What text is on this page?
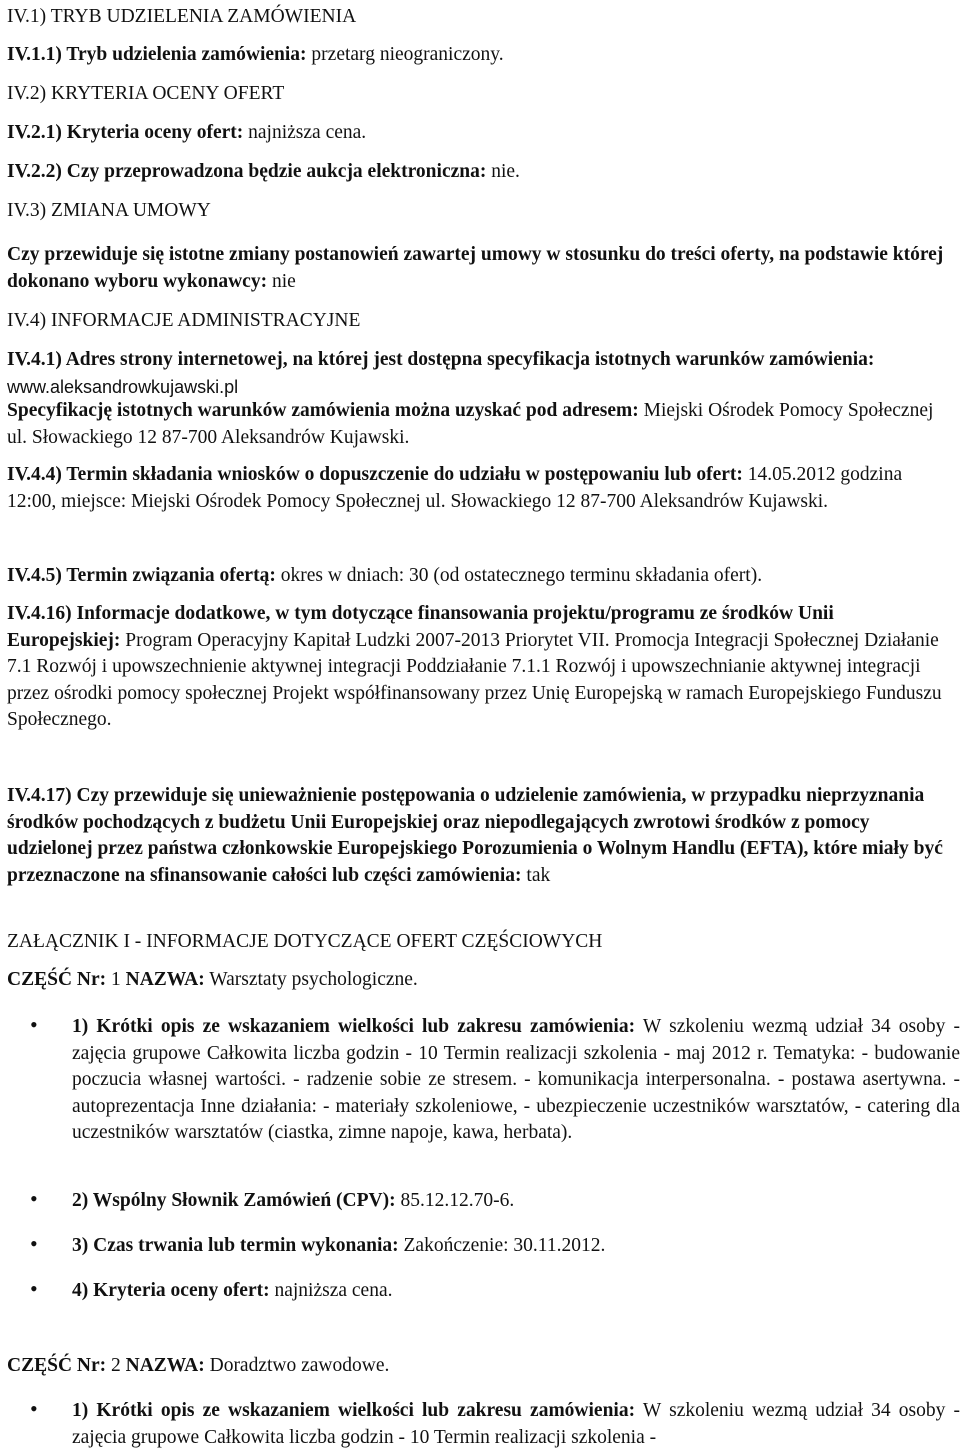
IV.1) TRYB UDZIELENIA ZAMÓWIENIA
IV.1.1) Tryb udzielenia zamówienia: przetarg nieograniczony.
IV.2) KRYTERIA OCENY OFERT
IV.2.1) Kryteria oceny ofert: najniższa cena.
IV.2.2) Czy przeprowadzona będzie aukcja elektroniczna: nie.
IV.3) ZMIANA UMOWY
Czy przewiduje się istotne zmiany postanowień zawartej umowy w stosunku do treści oferty, na podstawie której dokonano wyboru wykonawcy: nie
IV.4) INFORMACJE ADMINISTRACYJNE
IV.4.1) Adres strony internetowej, na której jest dostępna specyfikacja istotnych warunków zamówienia: www.aleksandrowkujawski.pl
Specyfikację istotnych warunków zamówienia można uzyskać pod adresem: Miejski Ośrodek Pomocy Społecznej ul. Słowackiego 12 87-700 Aleksandrów Kujawski.
IV.4.4) Termin składania wniosków o dopuszczenie do udziału w postępowaniu lub ofert: 14.05.2012 godzina 12:00, miejsce: Miejski Ośrodek Pomocy Społecznej ul. Słowackiego 12 87-700 Aleksandrów Kujawski.
IV.4.5) Termin związania ofertą: okres w dniach: 30 (od ostatecznego terminu składania ofert).
IV.4.16) Informacje dodatkowe, w tym dotyczące finansowania projektu/programu ze środków Unii Europejskiej: Program Operacyjny Kapitał Ludzki 2007-2013 Priorytet VII. Promocja Integracji Społecznej Działanie 7.1 Rozwój i upowszechnienie aktywnej integracji Poddziałanie 7.1.1 Rozwój i upowszechnianie aktywnej integracji przez ośrodki pomocy społecznej Projekt współfinansowany przez Unię Europejską w ramach Europejskiego Funduszu Społecznego.
IV.4.17) Czy przewiduje się unieważnienie postępowania o udzielenie zamówienia, w przypadku nieprzyznania środków pochodzących z budżetu Unii Europejskiej oraz niepodlegających zwrotowi środków z pomocy udzielonej przez państwa członkowskie Europejskiego Porozumienia o Wolnym Handlu (EFTA), które miały być przeznaczone na sfinansowanie całości lub części zamówienia: tak
ZAŁĄCZNIK I - INFORMACJE DOTYCZĄCE OFERT CZĘŚCIOWYCH
CZĘŚĆ Nr: 1 NAZWA: Warsztaty psychologiczne.
• 1) Krótki opis ze wskazaniem wielkości lub zakresu zamówienia: W szkoleniu wezmą udział 34 osoby - zajęcia grupowe Całkowita liczba godzin - 10 Termin realizacji szkolenia - maj 2012 r. Tematyka: - budowanie poczucia własnej wartości. - radzenie sobie ze stresem. - komunikacja interpersonalna. - postawa asertywna. - autoprezentacja Inne działania: - materiały szkoleniowe, - ubezpieczenie uczestników warsztatów, - catering dla uczestników warsztatów (ciastka, zimne napoje, kawa, herbata).
• 2) Wspólny Słownik Zamówień (CPV): 85.12.12.70-6.
• 3) Czas trwania lub termin wykonania: Zakończenie: 30.11.2012.
• 4) Kryteria oceny ofert: najniższa cena.
CZĘŚĆ Nr: 2 NAZWA: Doradztwo zawodowe.
• 1) Krótki opis ze wskazaniem wielkości lub zakresu zamówienia: W szkoleniu wezmą udział 34 osoby - zajęcia grupowe Całkowita liczba godzin - 10 Termin realizacji szkolenia -
